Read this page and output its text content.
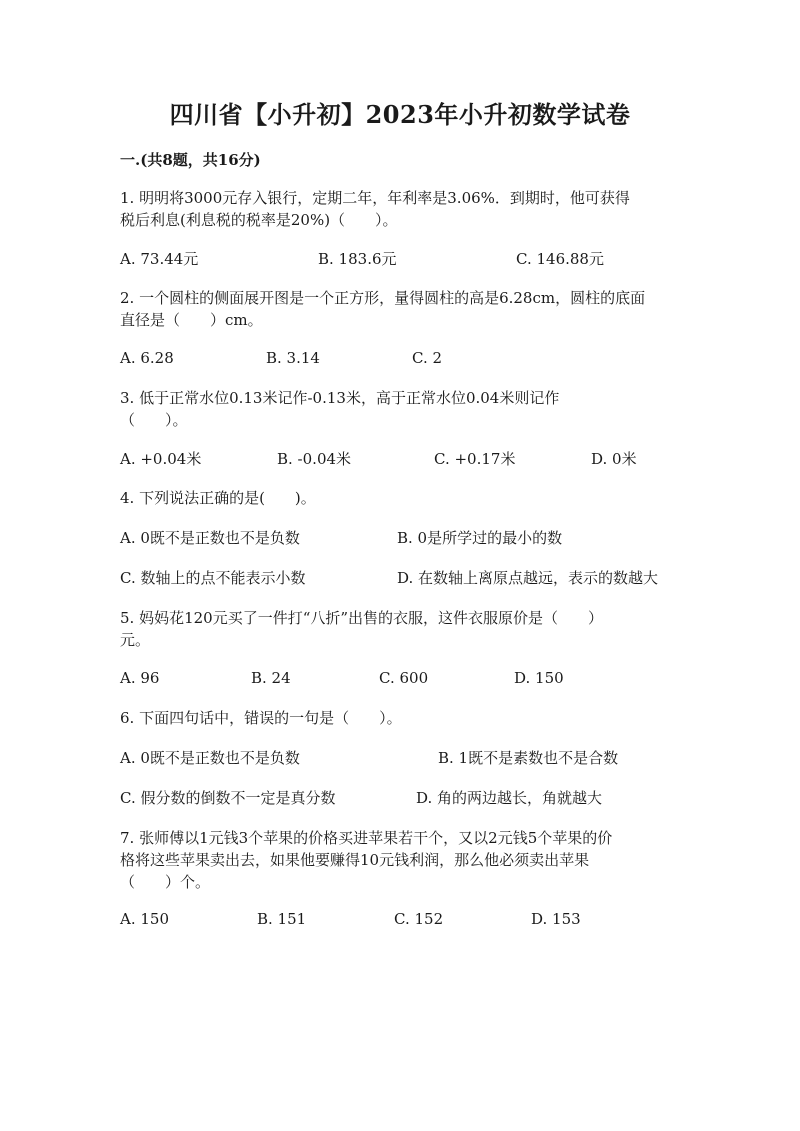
四川省【小升初】2023年小升初数学试卷
一.(共8题，共16分)
1. 明明将3000元存入银行，定期二年，年利率是3.06%．到期时，他可获得
税后利息(利息税的税率是20%)（　　）。
A. 73.44元	B. 183.6元	C. 146.88元
2. 一个圆柱的侧面展开图是一个正方形，量得圆柱的高是6.28cm，圆柱的底面
直径是（　　）cm。
A. 6.28	B. 3.14	C. 2
3. 低于正常水位0.13米记作-0.13米，高于正常水位0.04米则记作
（　　）。
A. +0.04米	B. -0.04米	C. +0.17米	D. 0米
4. 下列说法正确的是(　　)。
A. 0既不是正数也不是负数	B. 0是所学过的最小的数
C. 数轴上的点不能表示小数	D. 在数轴上离原点越远，表示的数越大
5. 妈妈花120元买了一件打“八折”出售的衣服，这件衣服原价是（　　）
元。
A. 96	B. 24	C. 600	D. 150
6. 下面四句话中，错误的一句是（　　）。
A. 0既不是正数也不是负数	B. 1既不是素数也不是合数
C. 假分数的倒数不一定是真分数	D. 角的两边越长，角就越大
7. 张师傅以1元钱3个苹果的价格买进苹果若干个，又以2元钱5个苹果的价
格将这些苹果卖出去，如果他要赚得10元钱利润，那么他必须卖出苹果
（　　）个。
A. 150	B. 151	C. 152	D. 153
